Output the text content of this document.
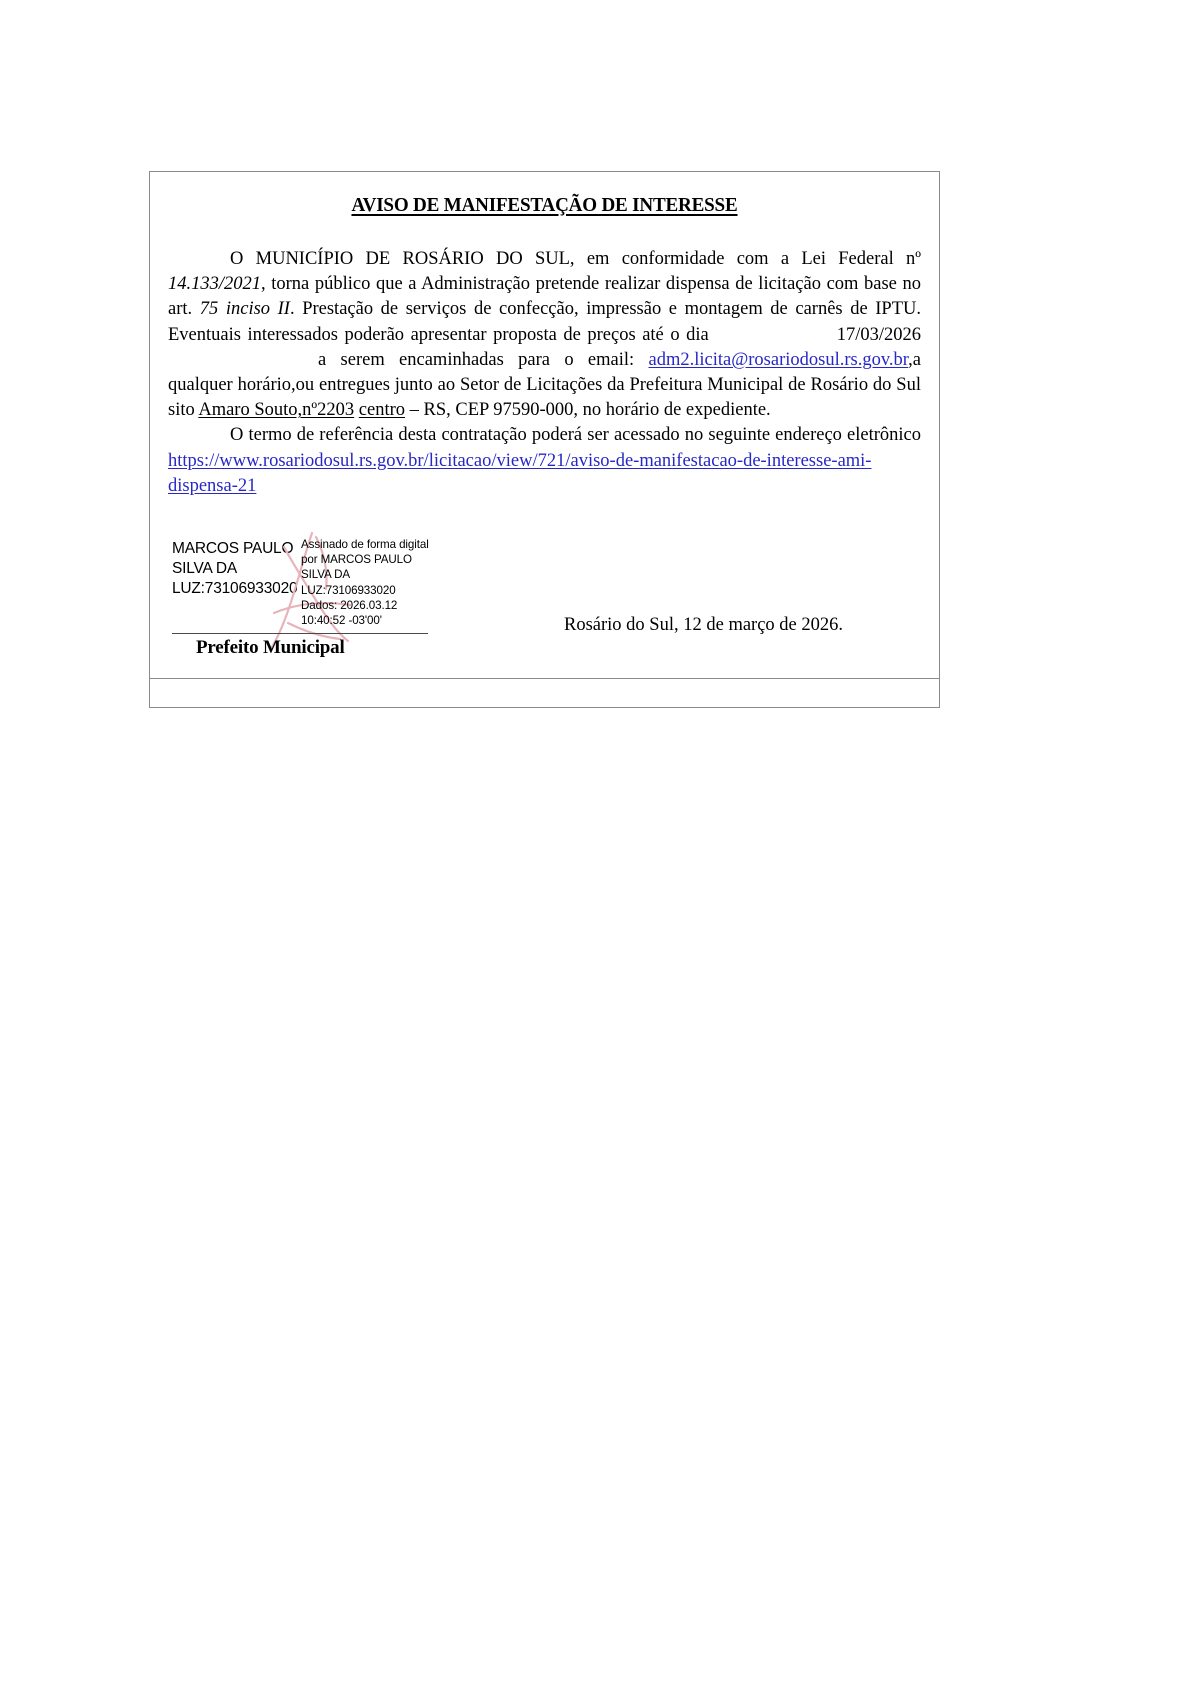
AVISO DE MANIFESTAÇÃO DE INTERESSE

O MUNICÍPIO DE ROSÁRIO DO SUL, em conformidade com a Lei Federal nº 14.133/2021, torna público que a Administração pretende realizar dispensa de licitação com base no art. 75 inciso II. Prestação de serviços de confecção, impressão e montagem de carnês de IPTU. Eventuais interessados poderão apresentar proposta de preços até o dia	17/03/2026a serem encaminhadas para o email: adm2.licita@rosariodosul.rs.gov.br,a qualquer horário,ou entregues junto ao Setor de Licitações da Prefeitura Municipal de Rosário do Sul sito Amaro Souto,nº2203 centro – RS, CEP 97590-000, no horário de expediente.

O termo de referência desta contratação poderá ser acessado no seguinte endereço eletrônico https://www.rosariodosul.rs.gov.br/licitacao/view/721/aviso-de-manifestacao-de-interesse-ami-dispensa-21

MARCOS PAULO SILVA DA LUZ:73106933020
Assinado de forma digital por MARCOS PAULO SILVA DA LUZ:73106933020
Dados: 2026.03.12
10:40:52 -03'00'
Prefeito Municipal
Rosário do Sul, 12 de março de 2026.
